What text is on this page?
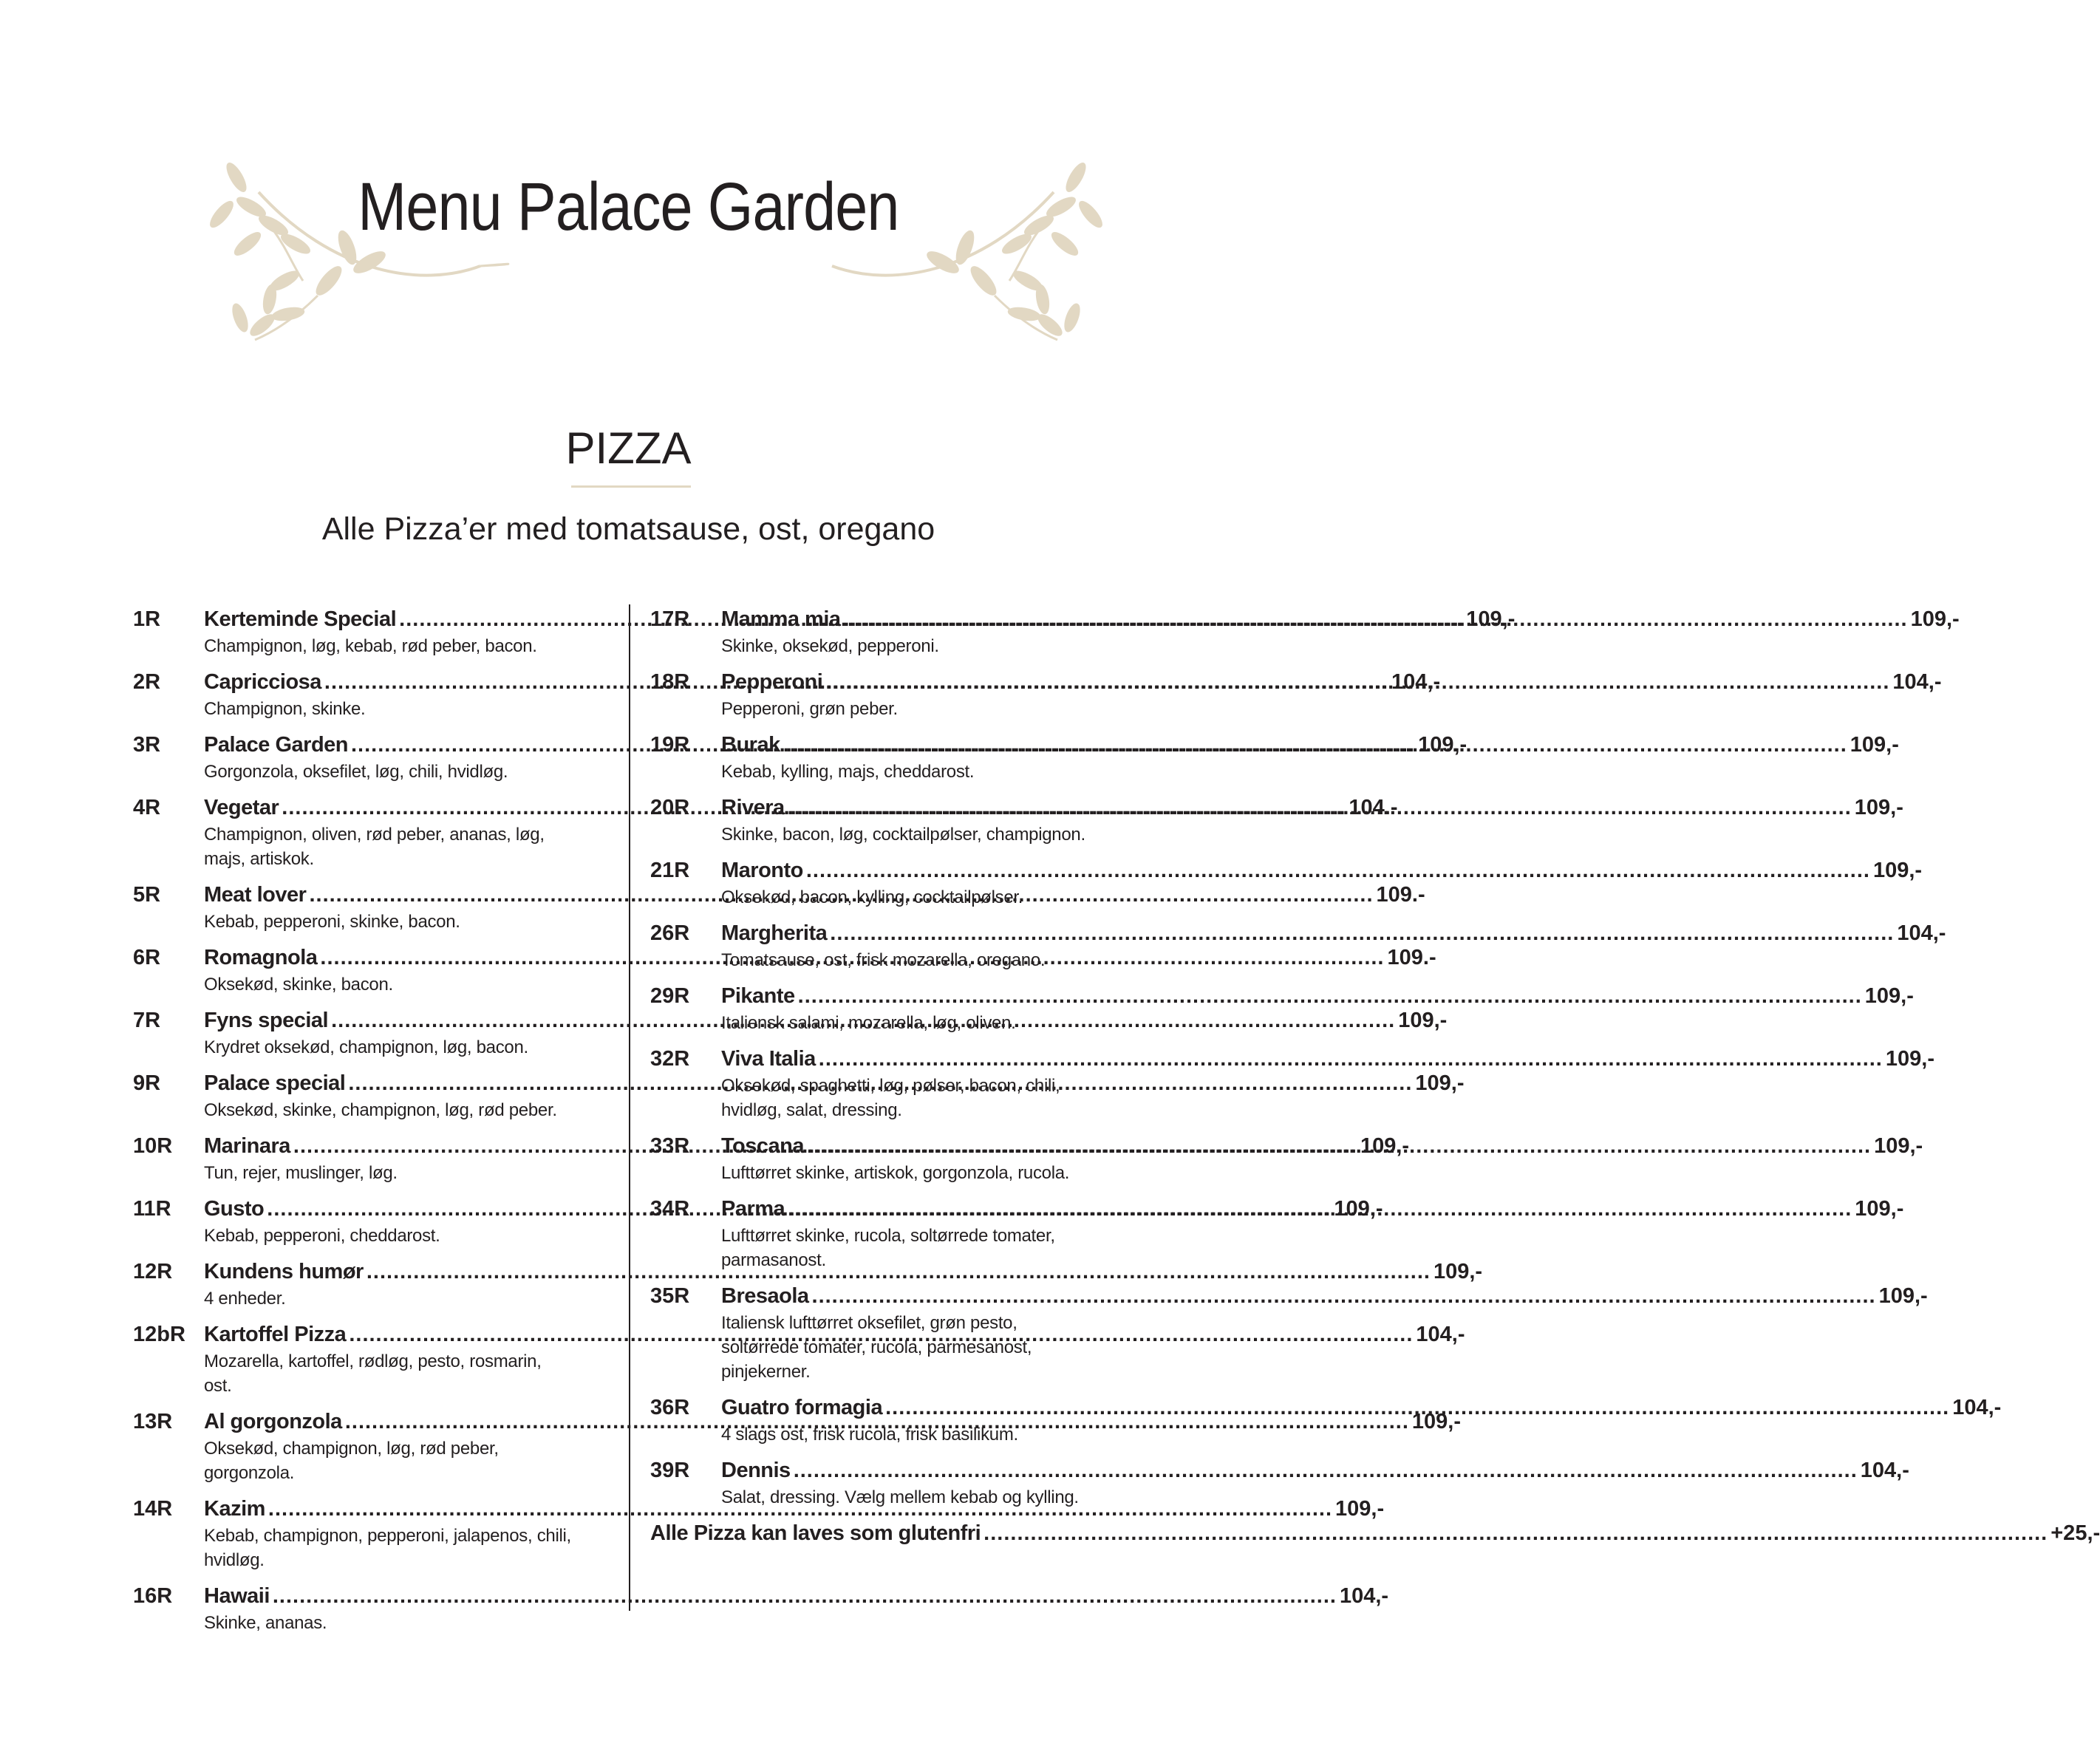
Menu Palace Garden
PIZZA
Alle Pizza’er med tomatsause, ost, oregano
1R	Kerteminde Special .....	109,-
Champignon, løg, kebab, rød peber, bacon.
2R	Capricciosa .....	104,-
Champignon, skinke.
3R	Palace Garden .....	109,-
Gorgonzola, oksefilet, løg, chili, hvidløg.
4R	Vegetar .....	104.-
Champignon, oliven, rød peber, ananas, løg, majs, artiskok.
5R	Meat lover .....	109.-
Kebab, pepperoni, skinke, bacon.
6R	Romagnola .....	109.-
Oksekød, skinke, bacon.
7R	Fyns special .....	109,-
Krydret oksekød, champignon, løg, bacon.
9R	Palace special .....	109,-
Oksekød, skinke, champignon, løg, rød peber.
10R	Marinara .....	109,-
Tun, rejer, muslinger, løg.
11R	Gusto .....	109,-
Kebab, pepperoni, cheddarost.
12R	Kundens humør .....	109,-
4 enheder.
12bR Kartoffel Pizza .....	104,-
Mozarella, kartoffel, rødløg, pesto, rosmarin, ost.
13R	Al gorgonzola .....	109,-
Oksekød, champignon, løg, rød peber, gorgonzola.
14R	Kazim .....	109,-
Kebab, champignon, pepperoni, jalapenos, chili, hvidløg.
16R	Hawaii .....	104,-
Skinke, ananas.
17R	Mamma mia .....	109,-
Skinke, oksekød, pepperoni.
18R	Pepperoni .....	104,-
Pepperoni, grøn peber.
19R	Burak .....	109,-
Kebab, kylling, majs, cheddarost.
20R	Rivera .....	109,-
Skinke, bacon, løg, cocktailpølser, champignon.
21R	Maronto .....	109,-
Oksekød, bacon, kylling, cocktailpølser.
26R	Margherita .....	104,-
Tomatsause, ost, frisk mozarella, oregano.
29R	Pikante .....	109,-
Italiensk salami, mozarella, løg, oliven.
32R	Viva Italia .....	109,-
Oksekød, spaghetti, løg, pølser, bacon, chili, hvidløg, salat, dressing.
33R	Toscana .....	109,-
Lufttørret skinke, artiskok, gorgonzola, rucola.
34R	Parma .....	109,-
Lufttørret skinke, rucola, soltørrede tomater, parmasanost.
35R	Bresaola .....	109,-
Italiensk lufttørret oksefilet, grøn pesto, soltørrede tomater, rucola, parmesanost, pinjekerner.
36R	Guatro formagia .....	104,-
4 slags ost, frisk rucola, frisk basilikum.
39R	Dennis .....	104,-
Salat, dressing. Vælg mellem kebab og kylling.
Alle Pizza kan laves som glutenfri .....	+25,-
